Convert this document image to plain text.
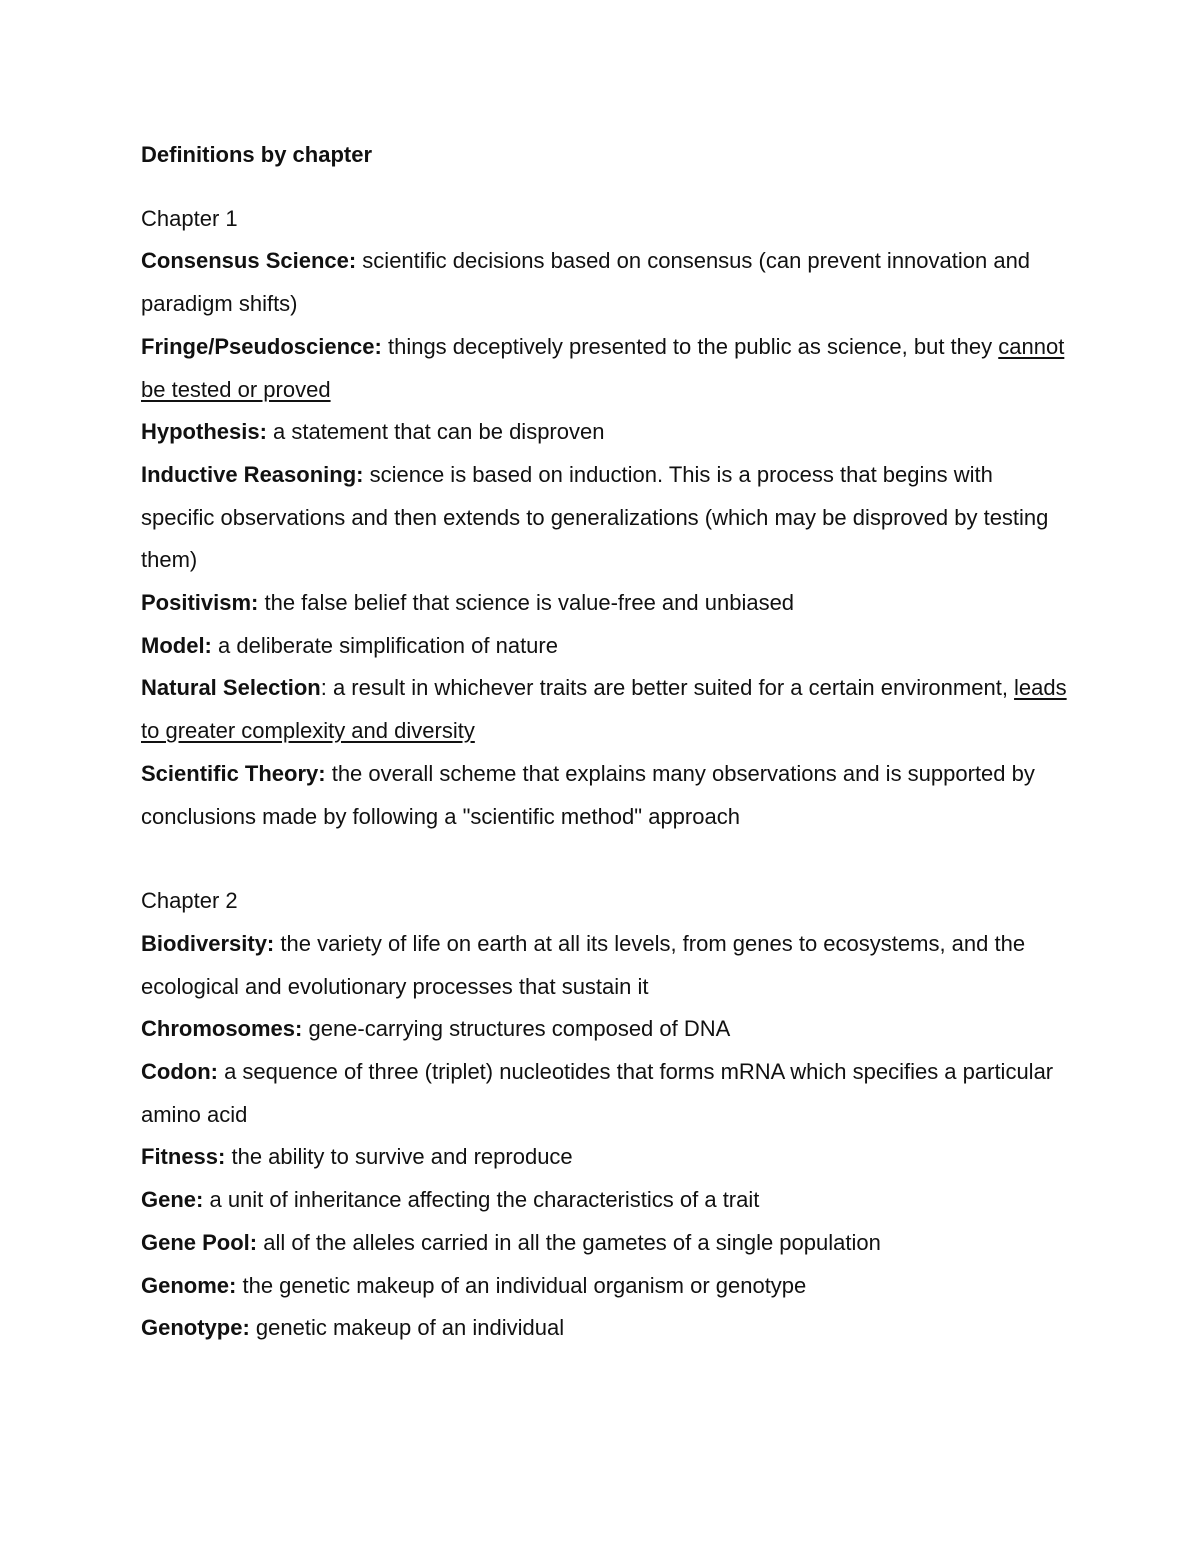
Definitions by chapter

Chapter 1

Consensus Science: scientific decisions based on consensus (can prevent innovation and paradigm shifts)

Fringe/Pseudoscience: things deceptively presented to the public as science, but they cannot be tested or proved

Hypothesis: a statement that can be disproven

Inductive Reasoning: science is based on induction. This is a process that begins with specific observations and then extends to generalizations (which may be disproved by testing them)

Positivism: the false belief that science is value-free and unbiased

Model: a deliberate simplification of nature

Natural Selection: a result in whichever traits are better suited for a certain environment, leads to greater complexity and diversity

Scientific Theory: the overall scheme that explains many observations and is supported by conclusions made by following a "scientific method" approach

Chapter 2

Biodiversity: the variety of life on earth at all its levels, from genes to ecosystems, and the ecological and evolutionary processes that sustain it

Chromosomes: gene-carrying structures composed of DNA

Codon: a sequence of three (triplet) nucleotides that forms mRNA which specifies a particular amino acid

Fitness: the ability to survive and reproduce

Gene: a unit of inheritance affecting the characteristics of a trait

Gene Pool: all of the alleles carried in all the gametes of a single population

Genome: the genetic makeup of an individual organism or genotype

Genotype: genetic makeup of an individual
